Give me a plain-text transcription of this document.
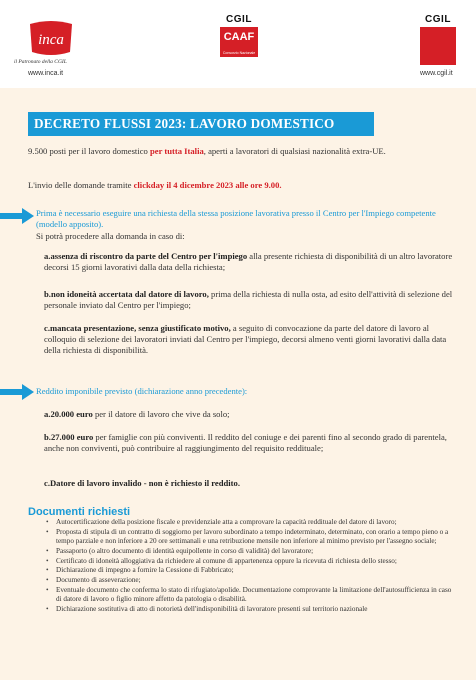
inca
il Patronato della CGIL
www.inca.it
CGIL
CAAF
Consorzio Nazionale
CGIL
www.cgil.it
DECRETO FLUSSI 2023: LAVORO DOMESTICO
9.500 posti per il lavoro domestico per tutta Italia, aperti a lavoratori di qualsiasi nazionalità extra-UE.
L'invio delle domande tramite clickday il 4 dicembre 2023 alle ore 9.00.
Prima è necessario eseguire una richiesta della stessa posizione lavorativa presso il Centro per l'Impiego competente (modello apposito).
Si potrà procedere alla domanda in caso di:
a.assenza di riscontro da parte del Centro per l'impiego alla presente richiesta di disponibilità di un altro lavoratore decorsi 15 giorni lavorativi dalla data della richiesta;
b.non idoneità accertata dal datore di lavoro, prima della richiesta di nulla osta, ad esito dell'attività di selezione del personale inviato dal Centro per l'impiego;
c.mancata presentazione, senza giustificato motivo, a seguito di convocazione da parte del datore di lavoro al colloquio di selezione dei lavoratori inviati dal Centro per l'impiego, decorsi almeno venti giorni lavorativi dalla data della richiesta di disponibilità.
Reddito imponibile previsto (dichiarazione anno precedente):
a.20.000 euro per il datore di lavoro che vive da solo;
b.27.000 euro per famiglie con più conviventi. Il reddito del coniuge e dei parenti fino al secondo grado di parentela, anche non conviventi, può contribuire al raggiungimento del requisito reddituale;
c.Datore di lavoro invalido - non è richiesto il reddito.
Documenti richiesti
• Autocertificazione della posizione fiscale e previdenziale atta a comprovare la capacità reddituale del datore di lavoro;
• Proposta di stipula di un contratto di soggiorno per lavoro subordinato a tempo indeterminato, determinato, con orario a tempo pieno o a tempo parziale e non inferiore a 20 ore settimanali e una retribuzione mensile non inferiore al minimo previsto per l'assegno sociale;
• Passaporto (o altro documento di identità equipollente in corso di validità) del lavoratore;
• Certificato di idoneità alloggiativa da richiedere al comune di appartenenza oppure la ricevuta di richiesta dello stesso;
• Dichiarazione di impegno a fornire la Cessione di Fabbricato;
• Documento di asseverazione;
• Eventuale documento che conferma lo stato di rifugiato/apolide. Documentazione comprovante la limitazione dell'autosufficienza in caso di datore di lavoro o figlio minore affetto da patologia o disabilità.
• Dichiarazione sostitutiva di atto di notorietà dell'indisponibilità di lavoratore presenti sul territorio nazionale
